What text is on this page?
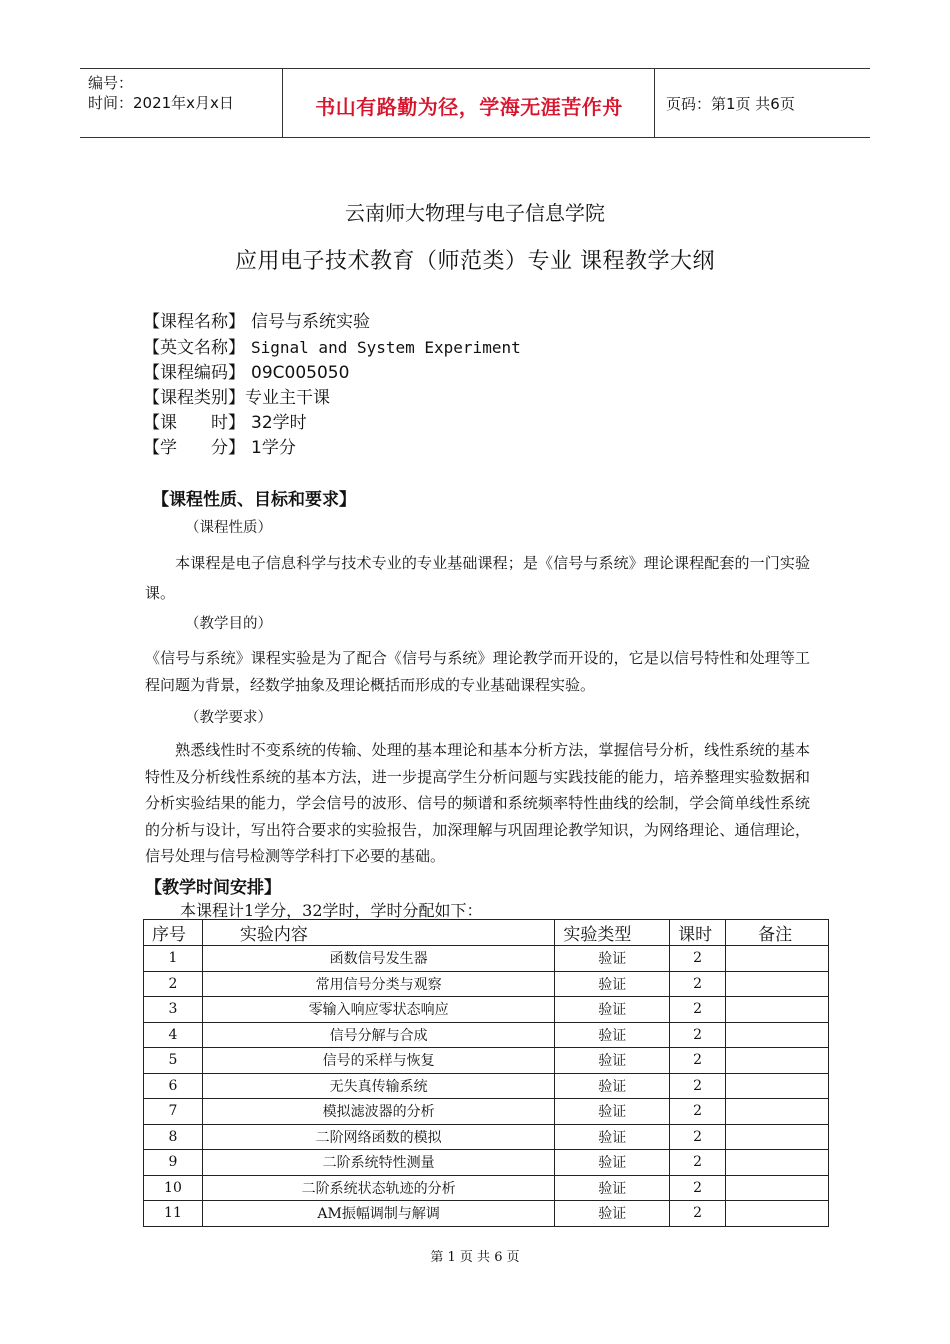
编号：
时间：2021年x月x日	书山有路勤为径，学海无涯苦作舟	页码：第1页 共6页
云南师大物理与电子信息学院
应用电子技术教育（师范类）专业 课程教学大纲
【课程名称】 信号与系统实验
【英文名称】 Signal and System Experiment
【课程编码】 09C005050
【课程类别】专业主干课
【课　　时】 32学时
【学　　分】 1学分
【课程性质、目标和要求】
（课程性质）
本课程是电子信息科学与技术专业的专业基础课程；是《信号与系统》理论课程配套的一门实验课。
（教学目的）
《信号与系统》课程实验是为了配合《信号与系统》理论教学而开设的，它是以信号特性和处理等工程问题为背景，经数学抽象及理论概括而形成的专业基础课程实验。
（教学要求）
熟悉线性时不变系统的传输、处理的基本理论和基本分析方法，掌握信号分析，线性系统的基本特性及分析线性系统的基本方法，进一步提高学生分析问题与实践技能的能力，培养整理实验数据和分析实验结果的能力，学会信号的波形、信号的频谱和系统频率特性曲线的绘制，学会简单线性系统的分析与设计，写出符合要求的实验报告，加深理解与巩固理论教学知识，为网络理论、通信理论，信号处理与信号检测等学科打下必要的基础。
【教学时间安排】
本课程计1学分，32学时，学时分配如下：
序号	实验内容	实验类型	课时	备注
1	函数信号发生器	验证	2	
2	常用信号分类与观察	验证	2	
3	零输入响应零状态响应	验证	2	
4	信号分解与合成	验证	2	
5	信号的采样与恢复	验证	2	
6	无失真传输系统	验证	2	
7	模拟滤波器的分析	验证	2	
8	二阶网络函数的模拟	验证	2	
9	二阶系统特性测量	验证	2	
10	二阶系统状态轨迹的分析	验证	2	
11	AM振幅调制与解调	验证	2	
第 1 页 共 6 页
